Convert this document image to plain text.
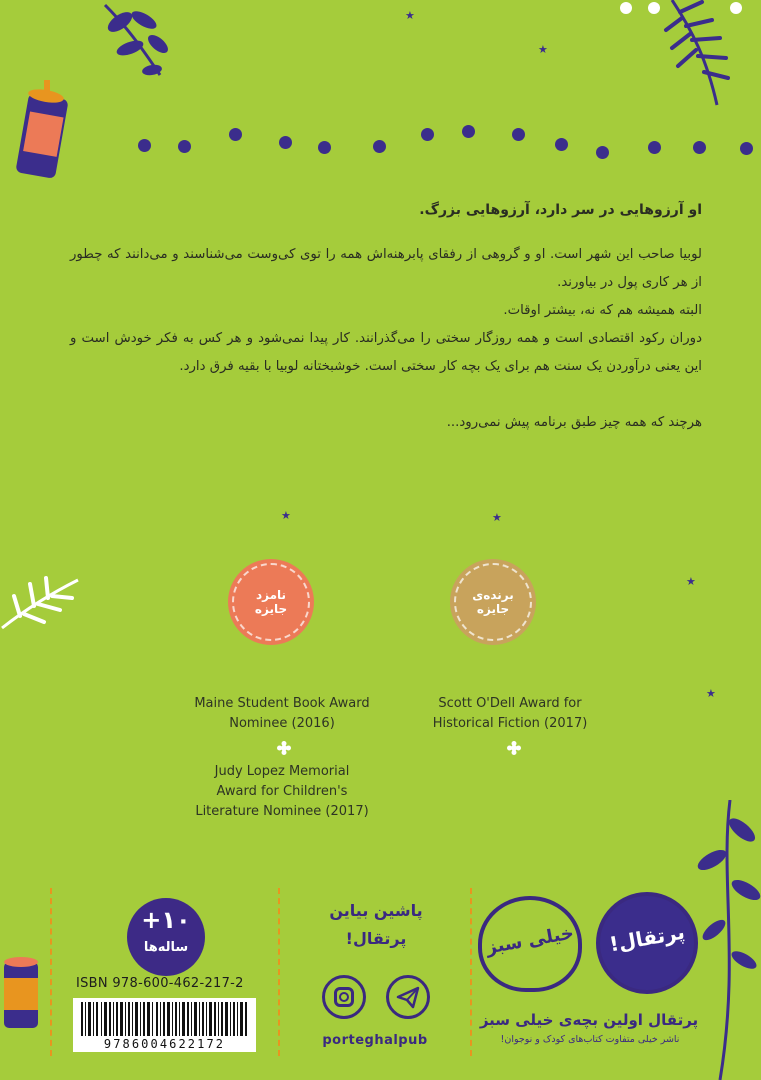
★
★
او آرزوهایی در سر دارد، آرزوهایی بزرگ.
لوبیا صاحب این شهر است. او و گروهی از رفقای پابرهنه‌اش همه را توی کی‌وست می‌شناسند و می‌دانند که چطور از هر کاری پول در بیاورند.
البته همیشه هم که نه، بیشتر اوقات.
دوران رکود اقتصادی است و همه روزگار سختی را می‌گذرانند. کار پیدا نمی‌شود و هر کس به فکر خودش است و این یعنی درآوردن یک سنت هم برای یک بچه کار سختی است. خوشبختانه لوبیا با بقیه فرق دارد.
هرچند که همه چیز طبق برنامه پیش نمی‌رود...
★	★
★
★
نامزد جایزه
برنده‌ی جایزه
Maine Student Book Award
Nominee (2016)
Scott O'Dell Award for
Historical Fiction (2017)
Judy Lopez Memorial
Award for Children's
Literature Nominee (2017)
+۱۰
ساله‌ها
ISBN 978-600-462-217-2
9786004622172
پاشین بیاین
پرتقال!
porteghalpub
پرتقال!
خیلی سبز
پرتقال اولین بچه‌ی خیلی سبز
ناشر خیلی متفاوت کتاب‌های کودک و نوجوان!
